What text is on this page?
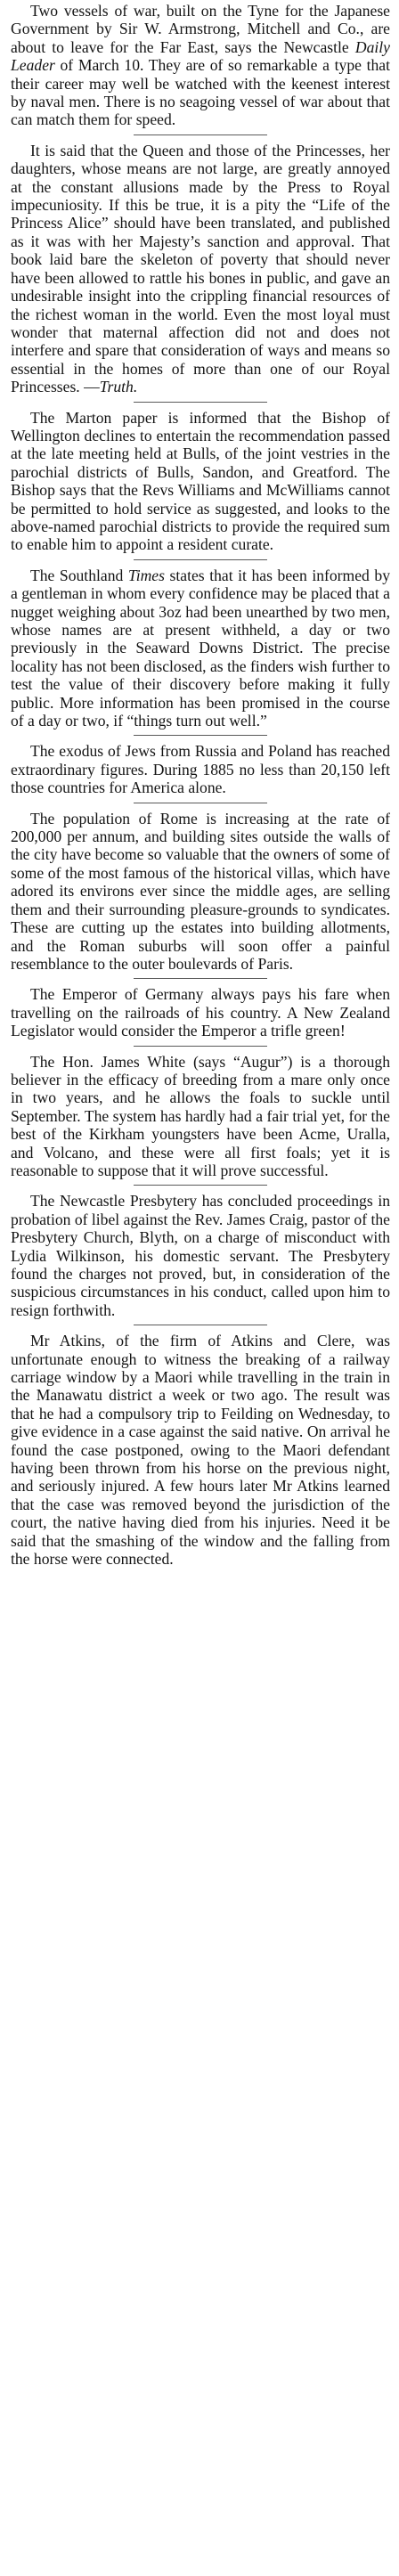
Two vessels of war, built on the Tyne for the Japanese Government by Sir W. Armstrong, Mitchell and Co., are about to leave for the Far East, says the Newcastle Daily Leader of March 10. They are of so remarkable a type that their career may well be watched with the keenest interest by naval men. There is no seagoing vessel of war about that can match them for speed.

It is said that the Queen and those of the Princesses, her daughters, whose means are not large, are greatly annoyed at the constant allusions made by the Press to Royal impecuniosity. If this be true, it is a pity the “Life of the Princess Alice” should have been translated, and published as it was with her Majesty’s sanction and approval. That book laid bare the skeleton of poverty that should never have been allowed to rattle his bones in public, and gave an undesirable insight into the crippling financial resources of the richest woman in the world. Even the most loyal must wonder that maternal affection did not and does not interfere and spare that consideration of ways and means so essential in the homes of more than one of our Royal Princesses. —Truth.

The Marton paper is informed that the Bishop of Wellington declines to entertain the recommendation passed at the late meeting held at Bulls, of the joint vestries in the parochial districts of Bulls, Sandon, and Greatford. The Bishop says that the Revs Williams and McWilliams cannot be permitted to hold service as suggested, and looks to the above-named parochial districts to provide the required sum to enable him to appoint a resident curate.

The Southland Times states that it has been informed by a gentleman in whom every confidence may be placed that a nugget weighing about 3oz had been unearthed by two men, whose names are at present withheld, a day or two previously in the Seaward Downs District. The precise locality has not been disclosed, as the finders wish further to test the value of their discovery before making it fully public. More information has been promised in the course of a day or two, if “things turn out well.”

The exodus of Jews from Russia and Poland has reached extraordinary figures. During 1885 no less than 20,150 left those countries for America alone.

The population of Rome is increasing at the rate of 200,000 per annum, and building sites outside the walls of the city have become so valuable that the owners of some of some of the most famous of the historical villas, which have adored its environs ever since the middle ages, are selling them and their surrounding pleasure-grounds to syndicates. These are cutting up the estates into building allotments, and the Roman suburbs will soon offer a painful resemblance to the outer boulevards of Paris.

The Emperor of Germany always pays his fare when travelling on the railroads of his country. A New Zealand Legislator would consider the Emperor a trifle green!

The Hon. James White (says “Augur”) is a thorough believer in the efficacy of breeding from a mare only once in two years, and he allows the foals to suckle until September. The system has hardly had a fair trial yet, for the best of the Kirkham youngsters have been Acme, Uralla, and Volcano, and these were all first foals; yet it is reasonable to suppose that it will prove successful.

The Newcastle Presbytery has concluded proceedings in probation of libel against the Rev. James Craig, pastor of the Presbytery Church, Blyth, on a charge of misconduct with Lydia Wilkinson, his domestic servant. The Presbytery found the charges not proved, but, in consideration of the suspicious circumstances in his conduct, called upon him to resign forthwith.

Mr Atkins, of the firm of Atkins and Clere, was unfortunate enough to witness the breaking of a railway carriage window by a Maori while travelling in the train in the Manawatu district a week or two ago. The result was that he had a compulsory trip to Feilding on Wednesday, to give evidence in a case against the said native. On arrival he found the case postponed, owing to the Maori defendant having been thrown from his horse on the previous night, and seriously injured. A few hours later Mr Atkins learned that the case was removed beyond the jurisdiction of the court, the native having died from his injuries. Need it be said that the smashing of the window and the falling from the horse were connected.
